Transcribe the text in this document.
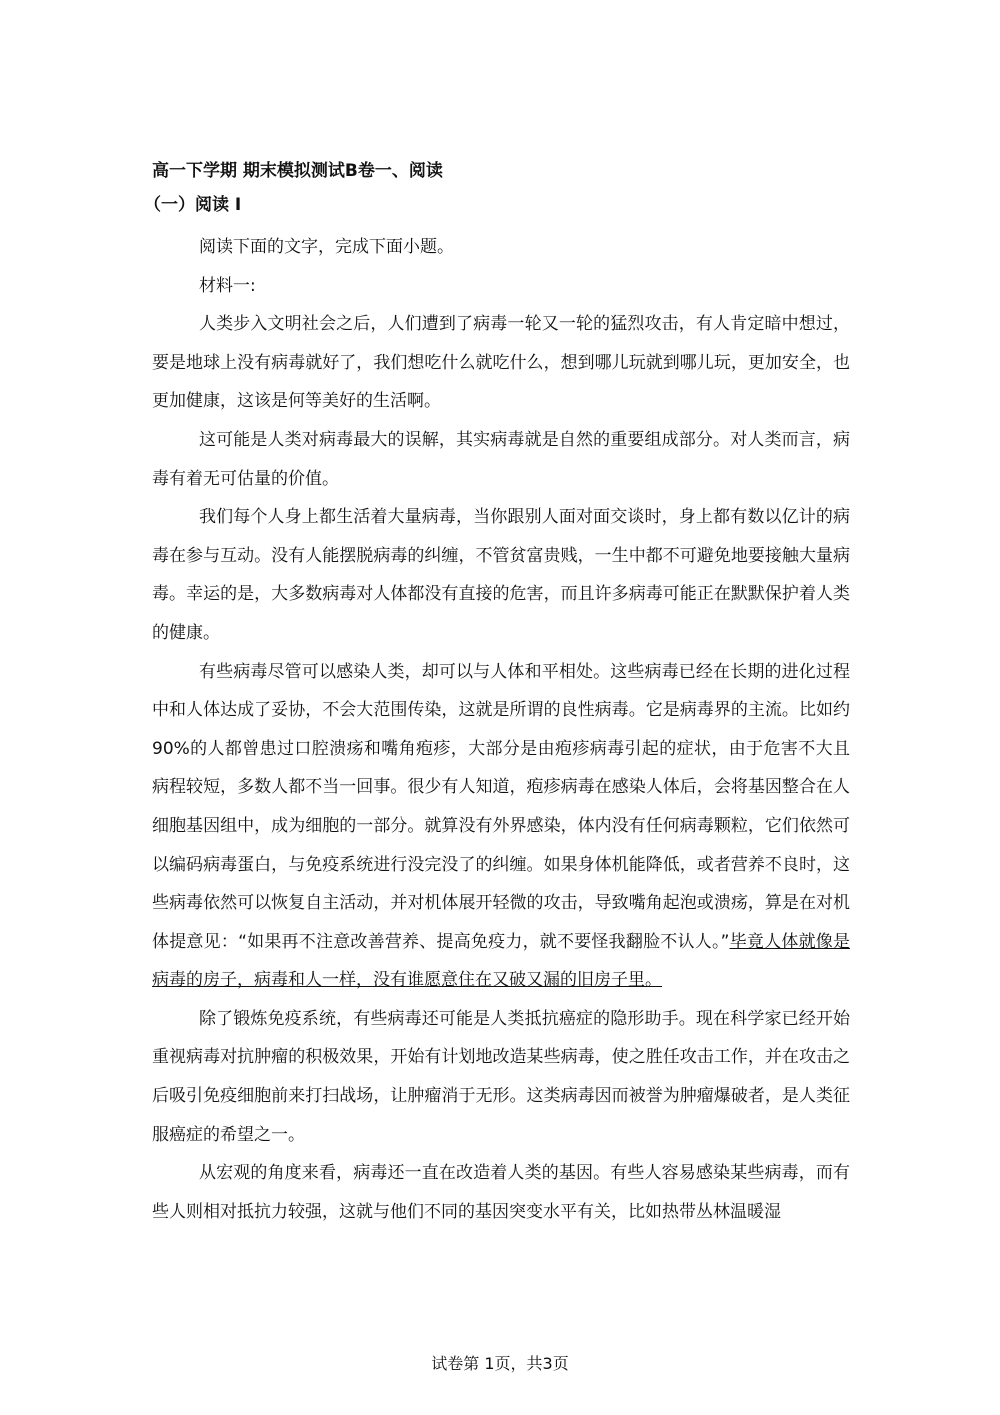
高一下学期 期末模拟测试B卷一、阅读
（一）阅读 I

阅读下面的文字，完成下面小题。

材料一:

人类步入文明社会之后，人们遭到了病毒一轮又一轮的猛烈攻击，有人肯定暗中想过，要是地球上没有病毒就好了，我们想吃什么就吃什么，想到哪儿玩就到哪儿玩，更加安全，也更加健康，这该是何等美好的生活啊。

这可能是人类对病毒最大的误解，其实病毒就是自然的重要组成部分。对人类而言，病毒有着无可估量的价值。

我们每个人身上都生活着大量病毒，当你跟别人面对面交谈时，身上都有数以亿计的病毒在参与互动。没有人能摆脱病毒的纠缠，不管贫富贵贱，一生中都不可避免地要接触大量病毒。幸运的是，大多数病毒对人体都没有直接的危害，而且许多病毒可能正在默默保护着人类的健康。

有些病毒尽管可以感染人类，却可以与人体和平相处。这些病毒已经在长期的进化过程中和人体达成了妥协，不会大范围传染，这就是所谓的良性病毒。它是病毒界的主流。比如约 90%的人都曾患过口腔溃疡和嘴角疱疹，大部分是由疱疹病毒引起的症状，由于危害不大且病程较短，多数人都不当一回事。很少有人知道，疱疹病毒在感染人体后，会将基因整合在人细胞基因组中，成为细胞的一部分。就算没有外界感染，体内没有任何病毒颗粒，它们依然可以编码病毒蛋白，与免疫系统进行没完没了的纠缠。如果身体机能降低，或者营养不良时，这些病毒依然可以恢复自主活动，并对机体展开轻微的攻击，导致嘴角起泡或溃疡，算是在对机体提意见：“如果再不注意改善营养、提高免疫力，就不要怪我翻脸不认人。”毕竟人体就像是病毒的房子，病毒和人一样，没有谁愿意住在又破又漏的旧房子里。

除了锻炼免疫系统，有些病毒还可能是人类抵抗癌症的隐形助手。现在科学家已经开始重视病毒对抗肿瘤的积极效果，开始有计划地改造某些病毒，使之胜任攻击工作，并在攻击之后吸引免疫细胞前来打扫战场，让肿瘤消于无形。这类病毒因而被誉为肿瘤爆破者，是人类征服癌症的希望之一。

从宏观的角度来看，病毒还一直在改造着人类的基因。有些人容易感染某些病毒，而有些人则相对抵抗力较强，这就与他们不同的基因突变水平有关，比如热带丛林温暖湿

试卷第 1页，共3页
